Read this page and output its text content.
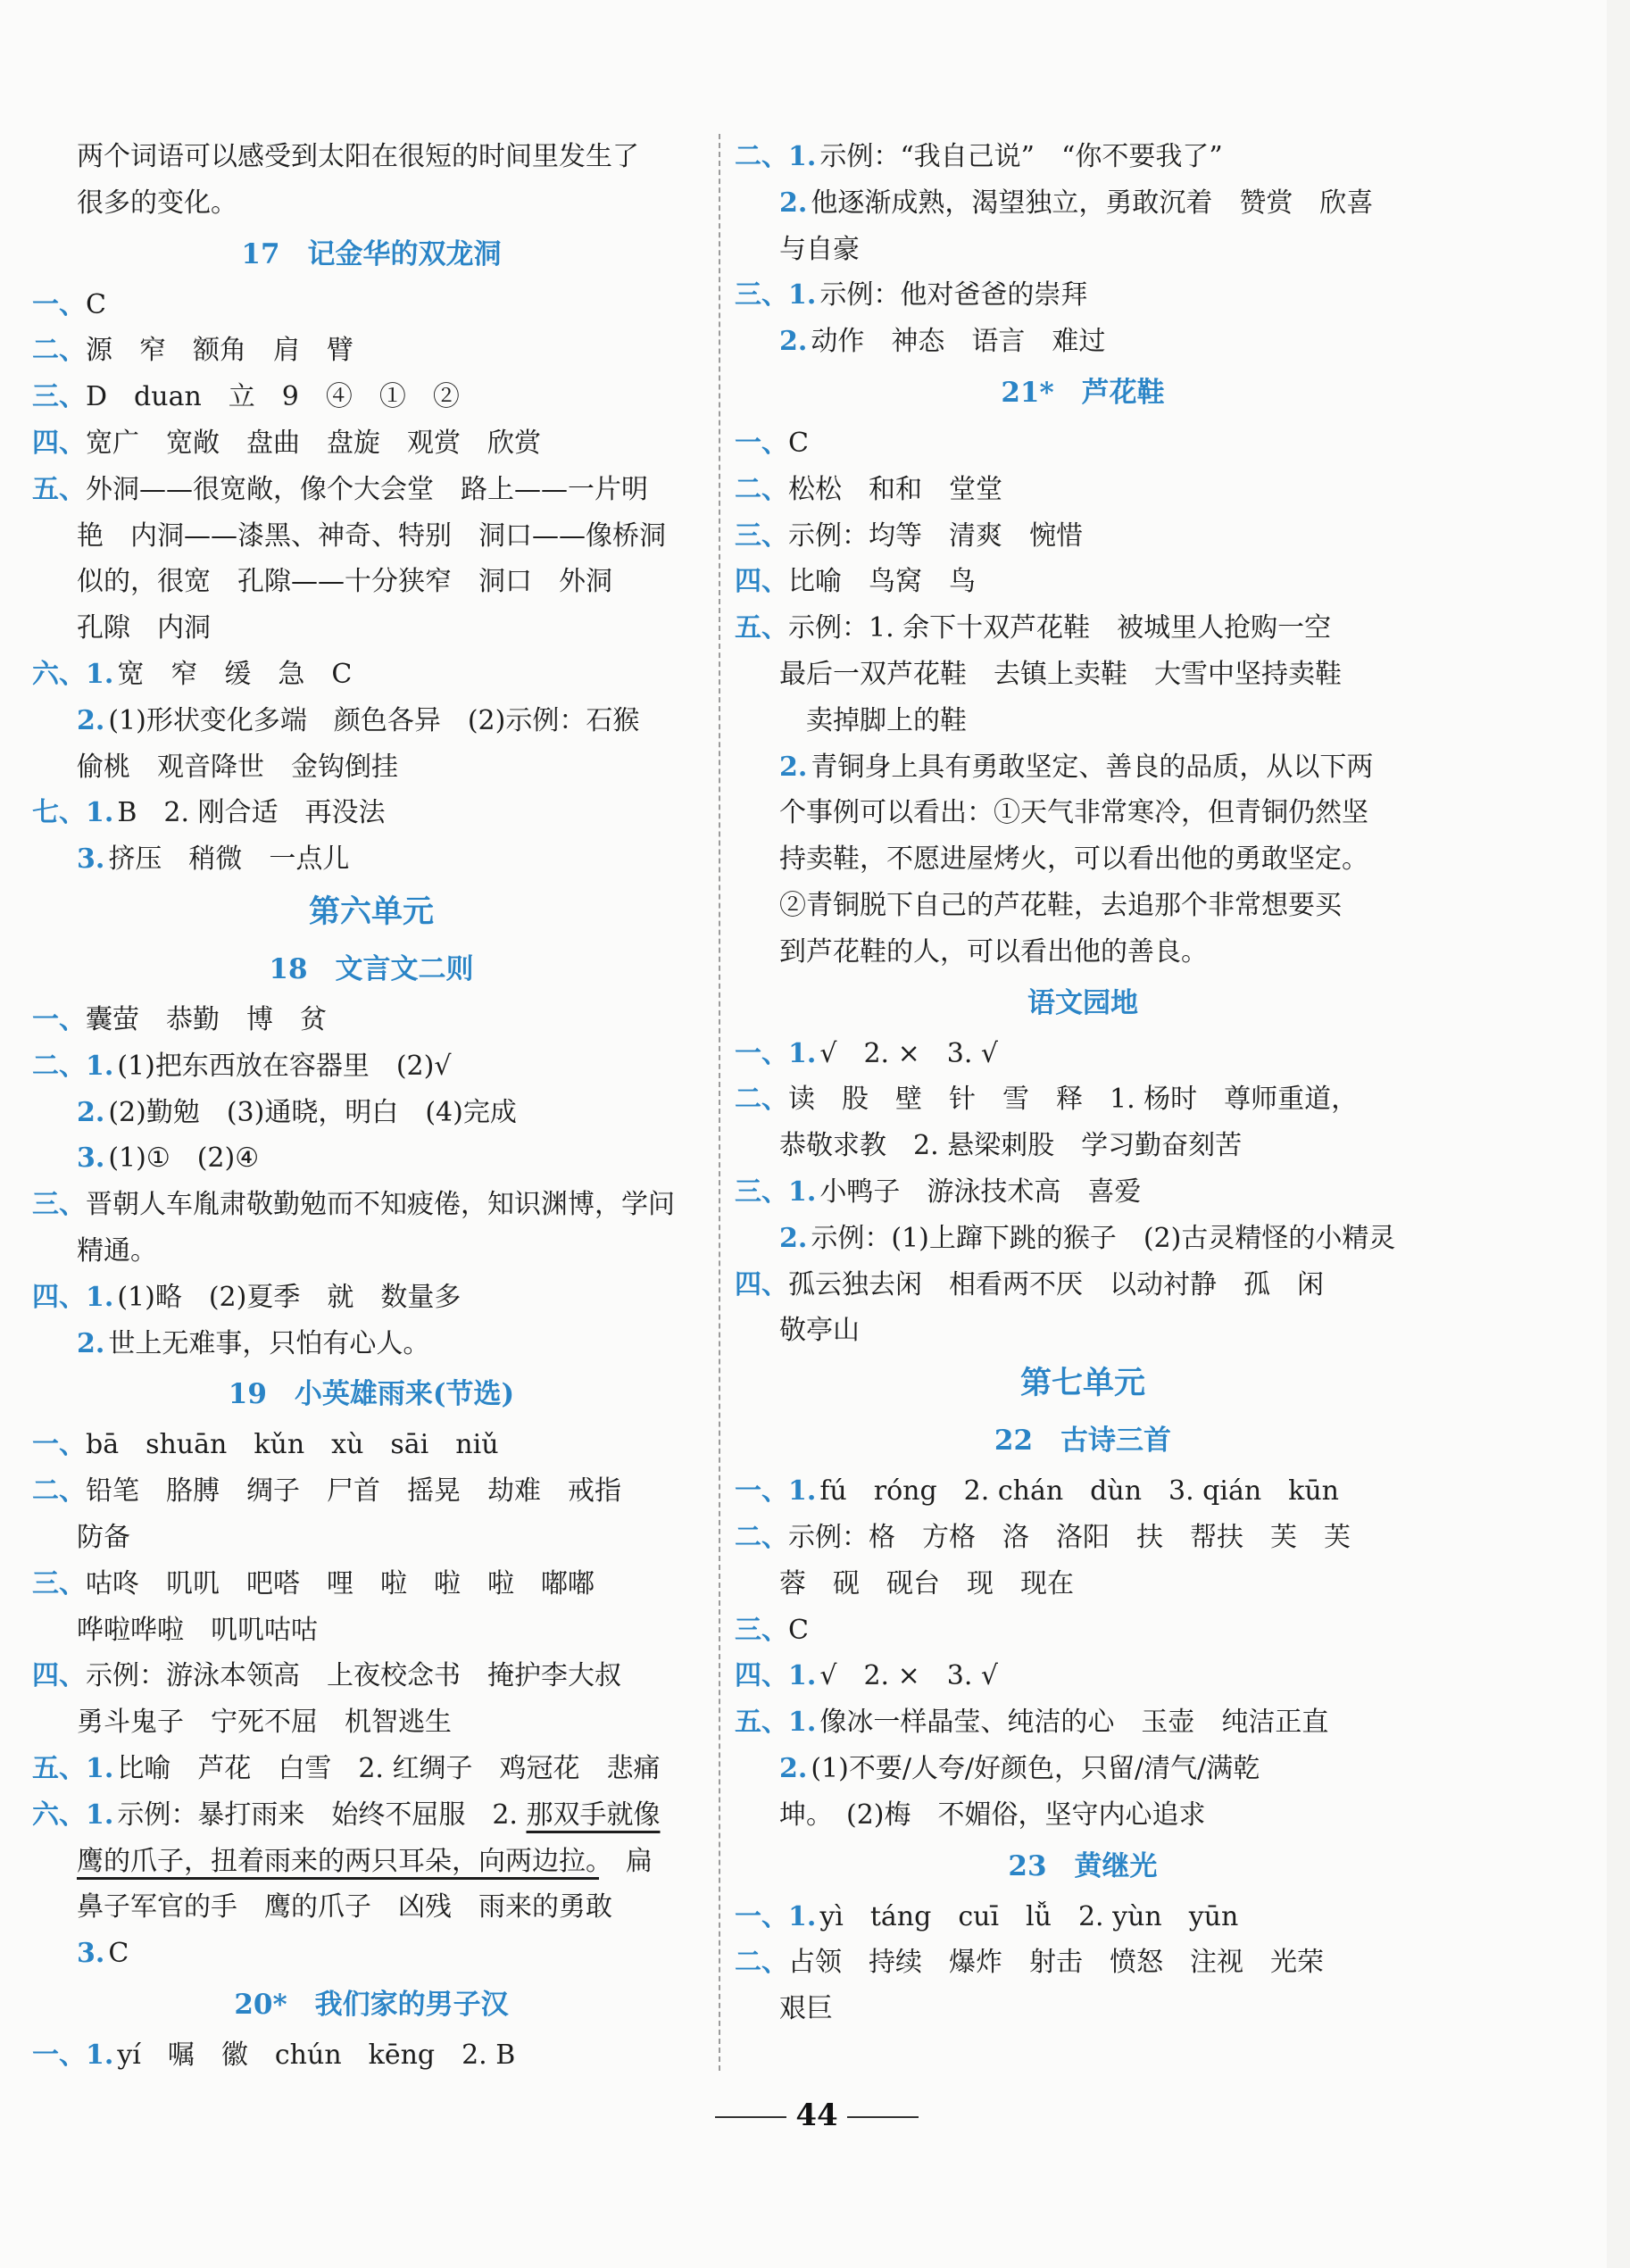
两个词语可以感受到太阳在很短的时间里发生了
很多的变化。
17　记金华的双龙洞
一、C
二、源　窄　额角　肩　臂
三、D　duan　立　9　④　①　②
四、宽广　宽敞　盘曲　盘旋　观赏　欣赏
五、外洞——很宽敞，像个大会堂　路上——一片明
艳　内洞——漆黑、神奇、特别　洞口——像桥洞
似的，很宽　孔隙——十分狭窄　洞口　外洞
孔隙　内洞
六、1. 宽　窄　缓　急　C
2. (1)形状变化多端　颜色各异　(2)示例：石猴
偷桃　观音降世　金钩倒挂
七、1. B　2. 刚合适　再没法
3. 挤压　稍微　一点儿
第六单元
18　文言文二则
一、囊萤　恭勤　博　贫
二、1. (1)把东西放在容器里　(2)√
2. (2)勤勉　(3)通晓，明白　(4)完成
3. (1)①　(2)④
三、晋朝人车胤肃敬勤勉而不知疲倦，知识渊博，学问
精通。
四、1. (1)略　(2)夏季　就　数量多
2. 世上无难事，只怕有心人。
19　小英雄雨来(节选)
一、bā　shuān　kǔn　xù　sāi　niǔ
二、铅笔　胳膊　绸子　尸首　摇晃　劫难　戒指
防备
三、咕咚　叽叽　吧嗒　哩　啦　啦　啦　嘟嘟
哗啦哗啦　叽叽咕咕
四、示例：游泳本领高　上夜校念书　掩护李大叔
勇斗鬼子　宁死不屈　机智逃生
五、1. 比喻　芦花　白雪　2. 红绸子　鸡冠花　悲痛
六、1. 示例：暴打雨来　始终不屈服　2. 那双手就像
鹰的爪子，扭着雨来的两只耳朵，向两边拉。　扁
鼻子军官的手　鹰的爪子　凶残　雨来的勇敢
3. C
20*　我们家的男子汉
一、1. yí　嘱　徽　chún　kēng　2. B
二、1. 示例：“我自己说”　“你不要我了”
2. 他逐渐成熟，渴望独立，勇敢沉着　赞赏　欣喜
与自豪
三、1. 示例：他对爸爸的崇拜
2. 动作　神态　语言　难过
21*　芦花鞋
一、C
二、松松　和和　堂堂
三、示例：均等　清爽　惋惜
四、比喻　鸟窝　鸟
五、示例：1. 余下十双芦花鞋　被城里人抢购一空
最后一双芦花鞋　去镇上卖鞋　大雪中坚持卖鞋
　卖掉脚上的鞋
2. 青铜身上具有勇敢坚定、善良的品质，从以下两
个事例可以看出：①天气非常寒冷，但青铜仍然坚
持卖鞋，不愿进屋烤火，可以看出他的勇敢坚定。
②青铜脱下自己的芦花鞋，去追那个非常想要买
到芦花鞋的人，可以看出他的善良。
语文园地
一、1. √　2. ×　3. √
二、读　股　壁　针　雪　释　1. 杨时　尊师重道，
恭敬求教　2. 悬梁刺股　学习勤奋刻苦
三、1. 小鸭子　游泳技术高　喜爱
2. 示例：(1)上蹿下跳的猴子　(2)古灵精怪的小精灵
四、孤云独去闲　相看两不厌　以动衬静　孤　闲
敬亭山
第七单元
22　古诗三首
一、1. fú　róng　2. chán　dùn　3. qián　kūn
二、示例：格　方格　洛　洛阳　扶　帮扶　芙　芙
蓉　砚　砚台　现　现在
三、C
四、1. √　2. ×　3. √
五、1. 像冰一样晶莹、纯洁的心　玉壶　纯洁正直
2. (1)不要/人夸/好颜色，只留/清气/满乾
坤。　(2)梅　不媚俗，坚守内心追求
23　黄继光
一、1. yì　táng　cuī　lǚ　2. yùn　yūn
二、占领　持续　爆炸　射击　愤怒　注视　光荣
艰巨
44
